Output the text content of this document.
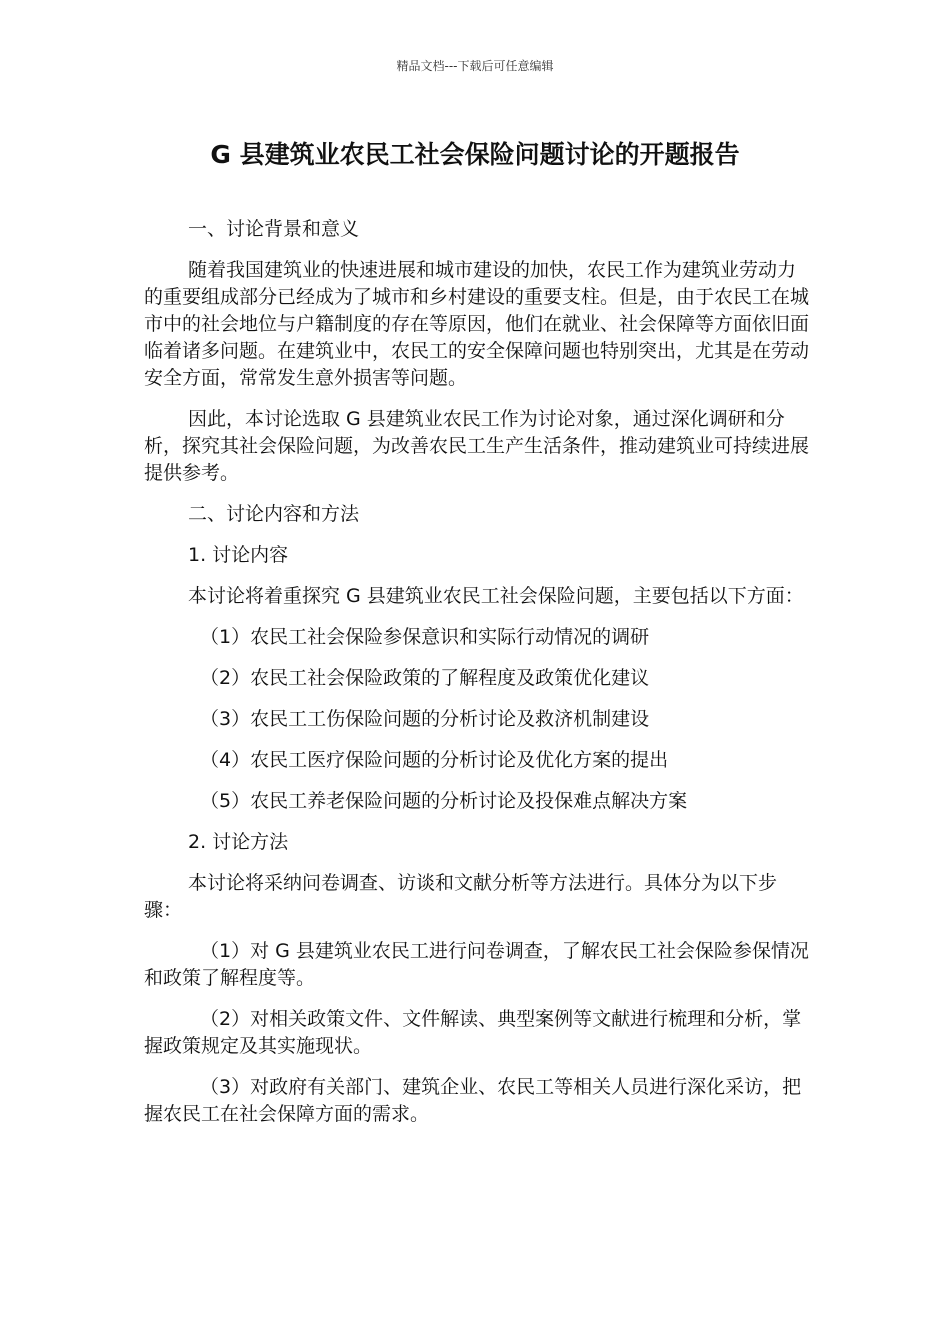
精品文档---下载后可任意编辑
G 县建筑业农民工社会保险问题讨论的开题报告

一、讨论背景和意义

随着我国建筑业的快速进展和城市建设的加快，农民工作为建筑业劳动力的重要组成部分已经成为了城市和乡村建设的重要支柱。但是，由于农民工在城市中的社会地位与户籍制度的存在等原因，他们在就业、社会保障等方面依旧面临着诸多问题。在建筑业中，农民工的安全保障问题也特别突出，尤其是在劳动安全方面，常常发生意外损害等问题。

因此，本讨论选取 G 县建筑业农民工作为讨论对象，通过深化调研和分析，探究其社会保险问题，为改善农民工生产生活条件，推动建筑业可持续进展提供参考。

二、讨论内容和方法

1. 讨论内容

本讨论将着重探究 G 县建筑业农民工社会保险问题，主要包括以下方面：

（1）农民工社会保险参保意识和实际行动情况的调研

（2）农民工社会保险政策的了解程度及政策优化建议

（3）农民工工伤保险问题的分析讨论及救济机制建设

（4）农民工医疗保险问题的分析讨论及优化方案的提出

（5）农民工养老保险问题的分析讨论及投保难点解决方案

2. 讨论方法

本讨论将采纳问卷调查、访谈和文献分析等方法进行。具体分为以下步骤：

（1）对 G 县建筑业农民工进行问卷调查，了解农民工社会保险参保情况和政策了解程度等。

（2）对相关政策文件、文件解读、典型案例等文献进行梳理和分析，掌握政策规定及其实施现状。

（3）对政府有关部门、建筑企业、农民工等相关人员进行深化采访，把握农民工在社会保障方面的需求。
